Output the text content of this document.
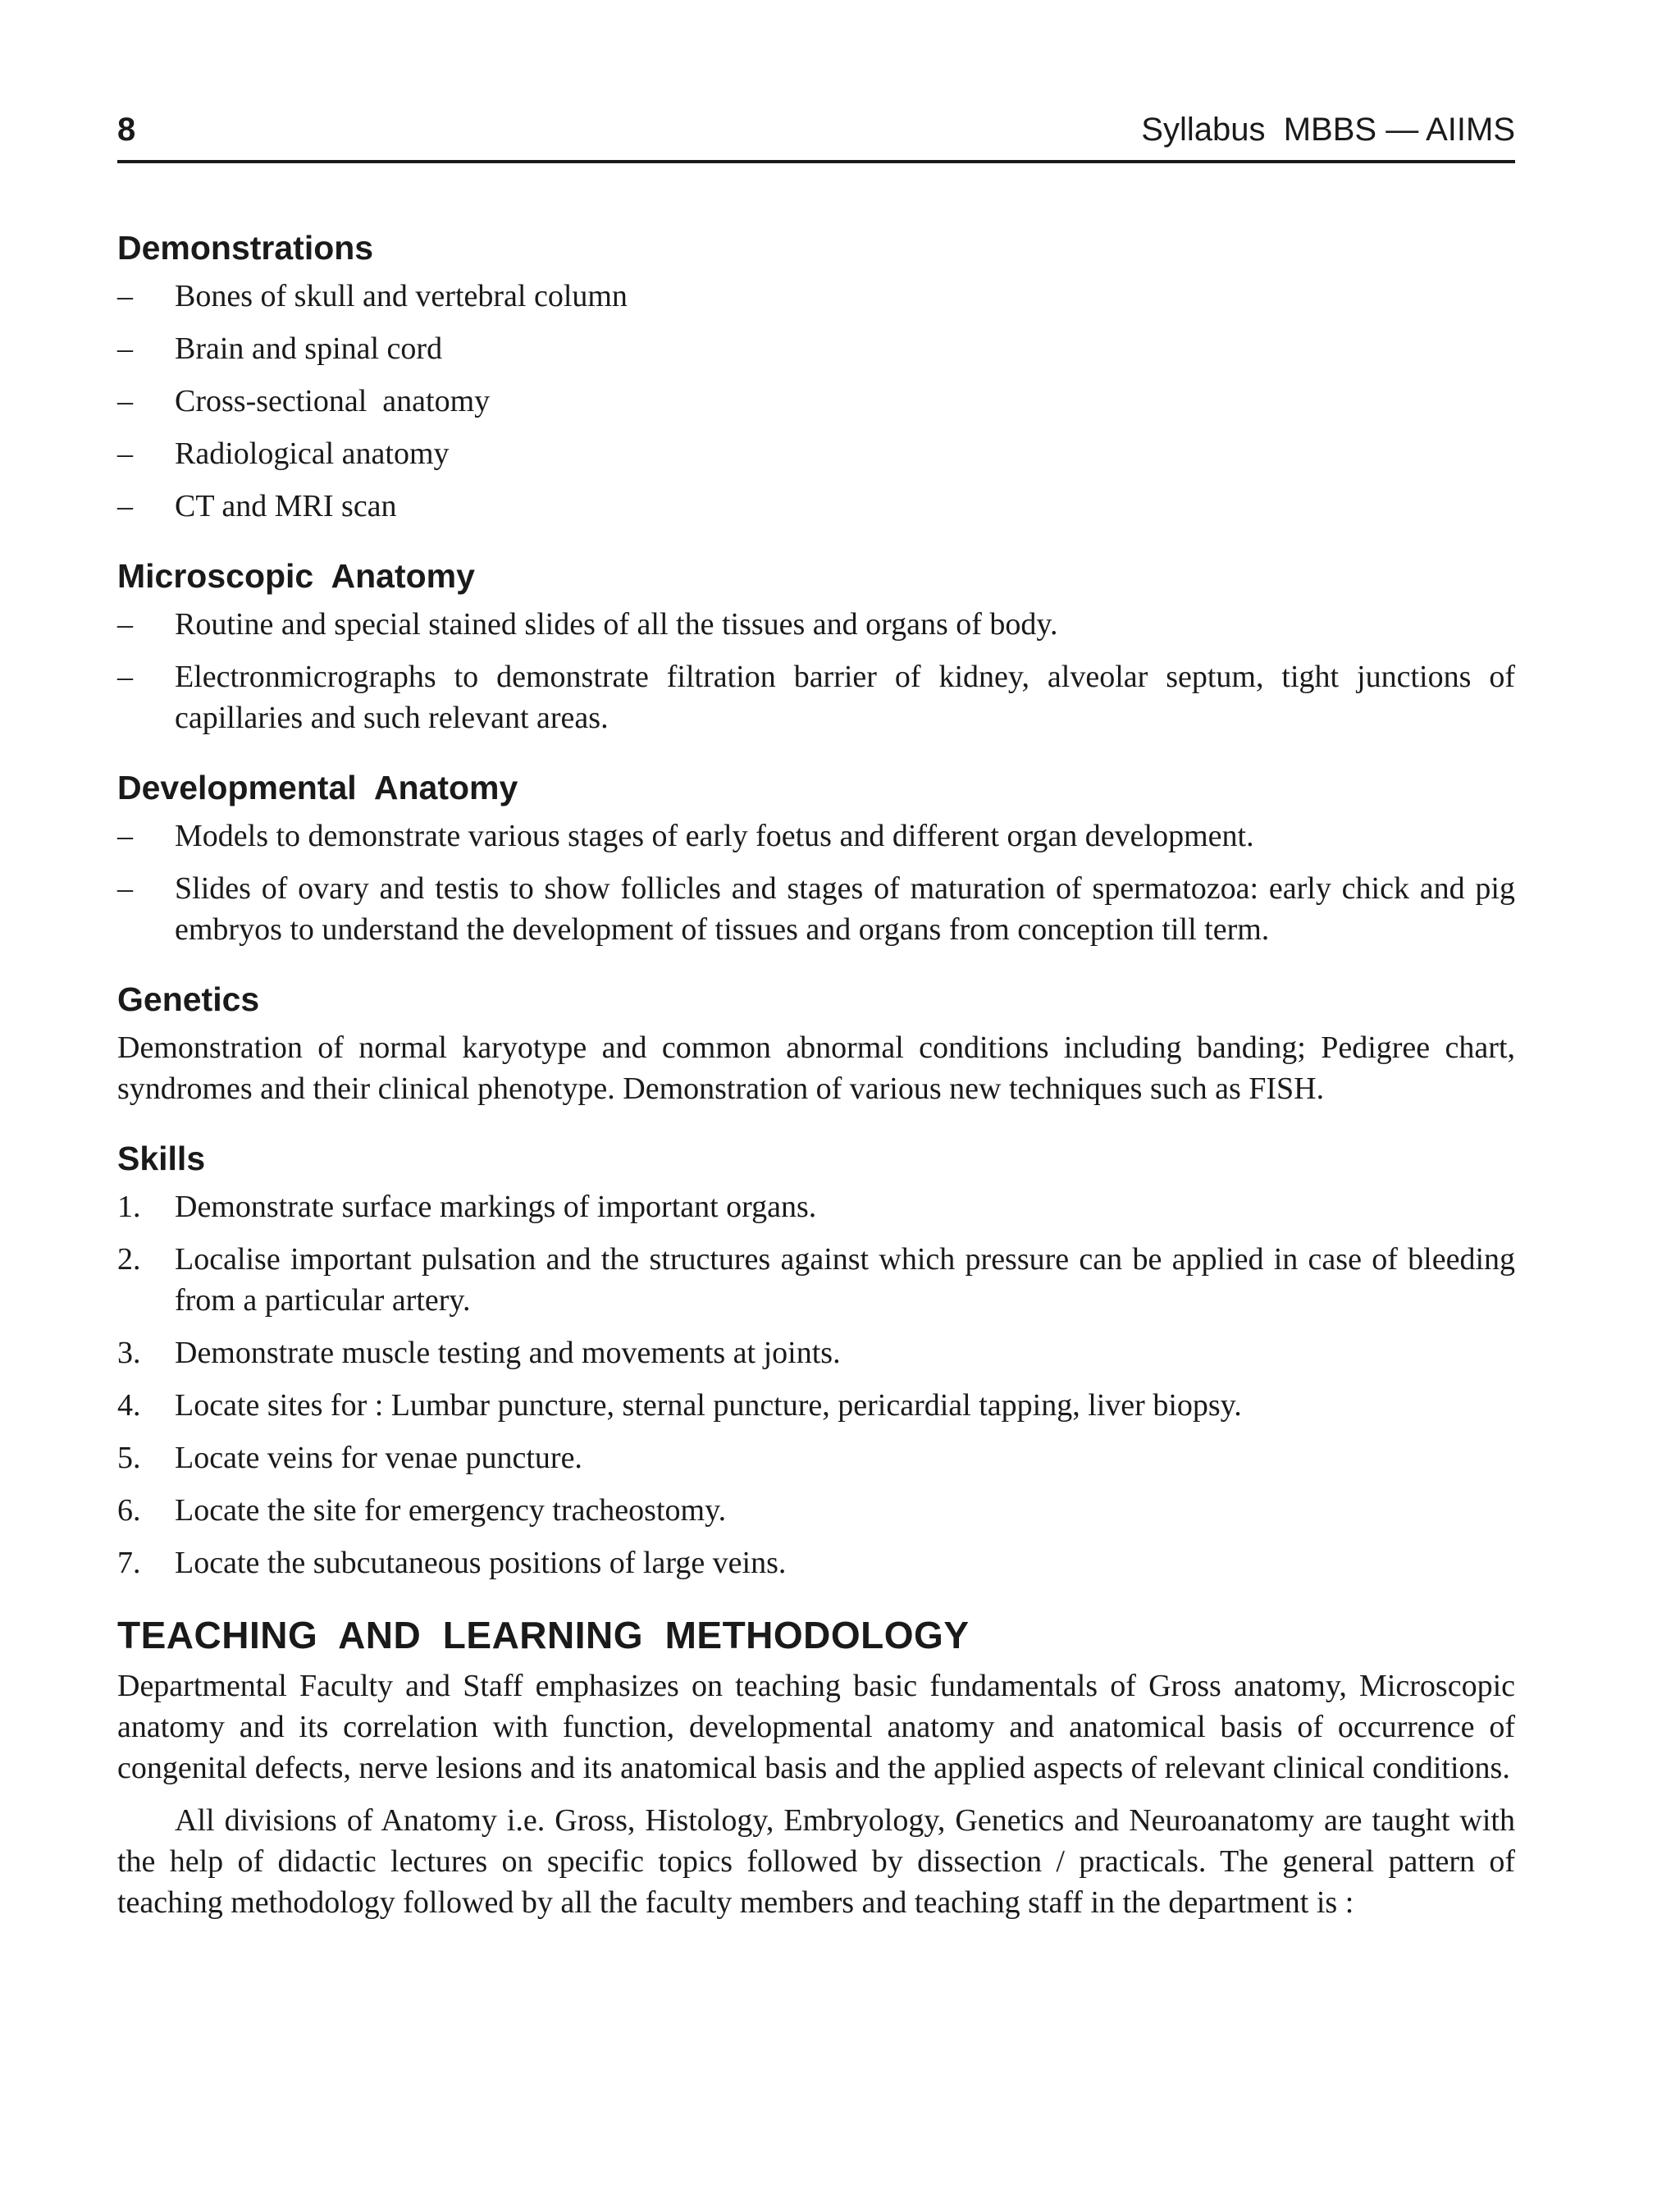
8	Syllabus  MBBS — AIIMS
Demonstrations
– Bones of skull and vertebral column
– Brain and spinal cord
– Cross-sectional  anatomy
– Radiological anatomy
– CT and MRI scan
Microscopic  Anatomy
– Routine and special stained slides of all the tissues and organs of body.
– Electronmicrographs to demonstrate filtration barrier of kidney, alveolar septum, tight junctions of capillaries and such relevant areas.
Developmental  Anatomy
– Models to demonstrate various stages of early foetus and different organ development.
– Slides of ovary and testis to show follicles and stages of maturation of spermatozoa: early chick and pig embryos to understand the development of tissues and organs from conception till term.
Genetics

Demonstration of normal karyotype and common abnormal conditions including banding; Pedigree chart, syndromes and their clinical phenotype. Demonstration of various new techniques such as FISH.

Skills
1. Demonstrate surface markings of important organs.
2. Localise important pulsation and the structures against which pressure can be applied in case of bleeding from a particular artery.
3. Demonstrate muscle testing and movements at joints.
4. Locate sites for : Lumbar puncture, sternal puncture, pericardial tapping, liver biopsy.
5. Locate veins for venae puncture.
6. Locate the site for emergency tracheostomy.
7. Locate the subcutaneous positions of large veins.
TEACHING  AND  LEARNING  METHODOLOGY

Departmental Faculty and Staff emphasizes on teaching basic fundamentals of Gross anatomy, Microscopic anatomy and its correlation with function, developmental anatomy and anatomical basis of occurrence of congenital defects, nerve lesions and its anatomical basis and the applied aspects of relevant clinical conditions.

All divisions of Anatomy i.e. Gross, Histology, Embryology, Genetics and Neuroanatomy are taught with the help of didactic lectures on specific topics followed by dissection / practicals. The general pattern of teaching methodology followed by all the faculty members and teaching staff in the department is :
